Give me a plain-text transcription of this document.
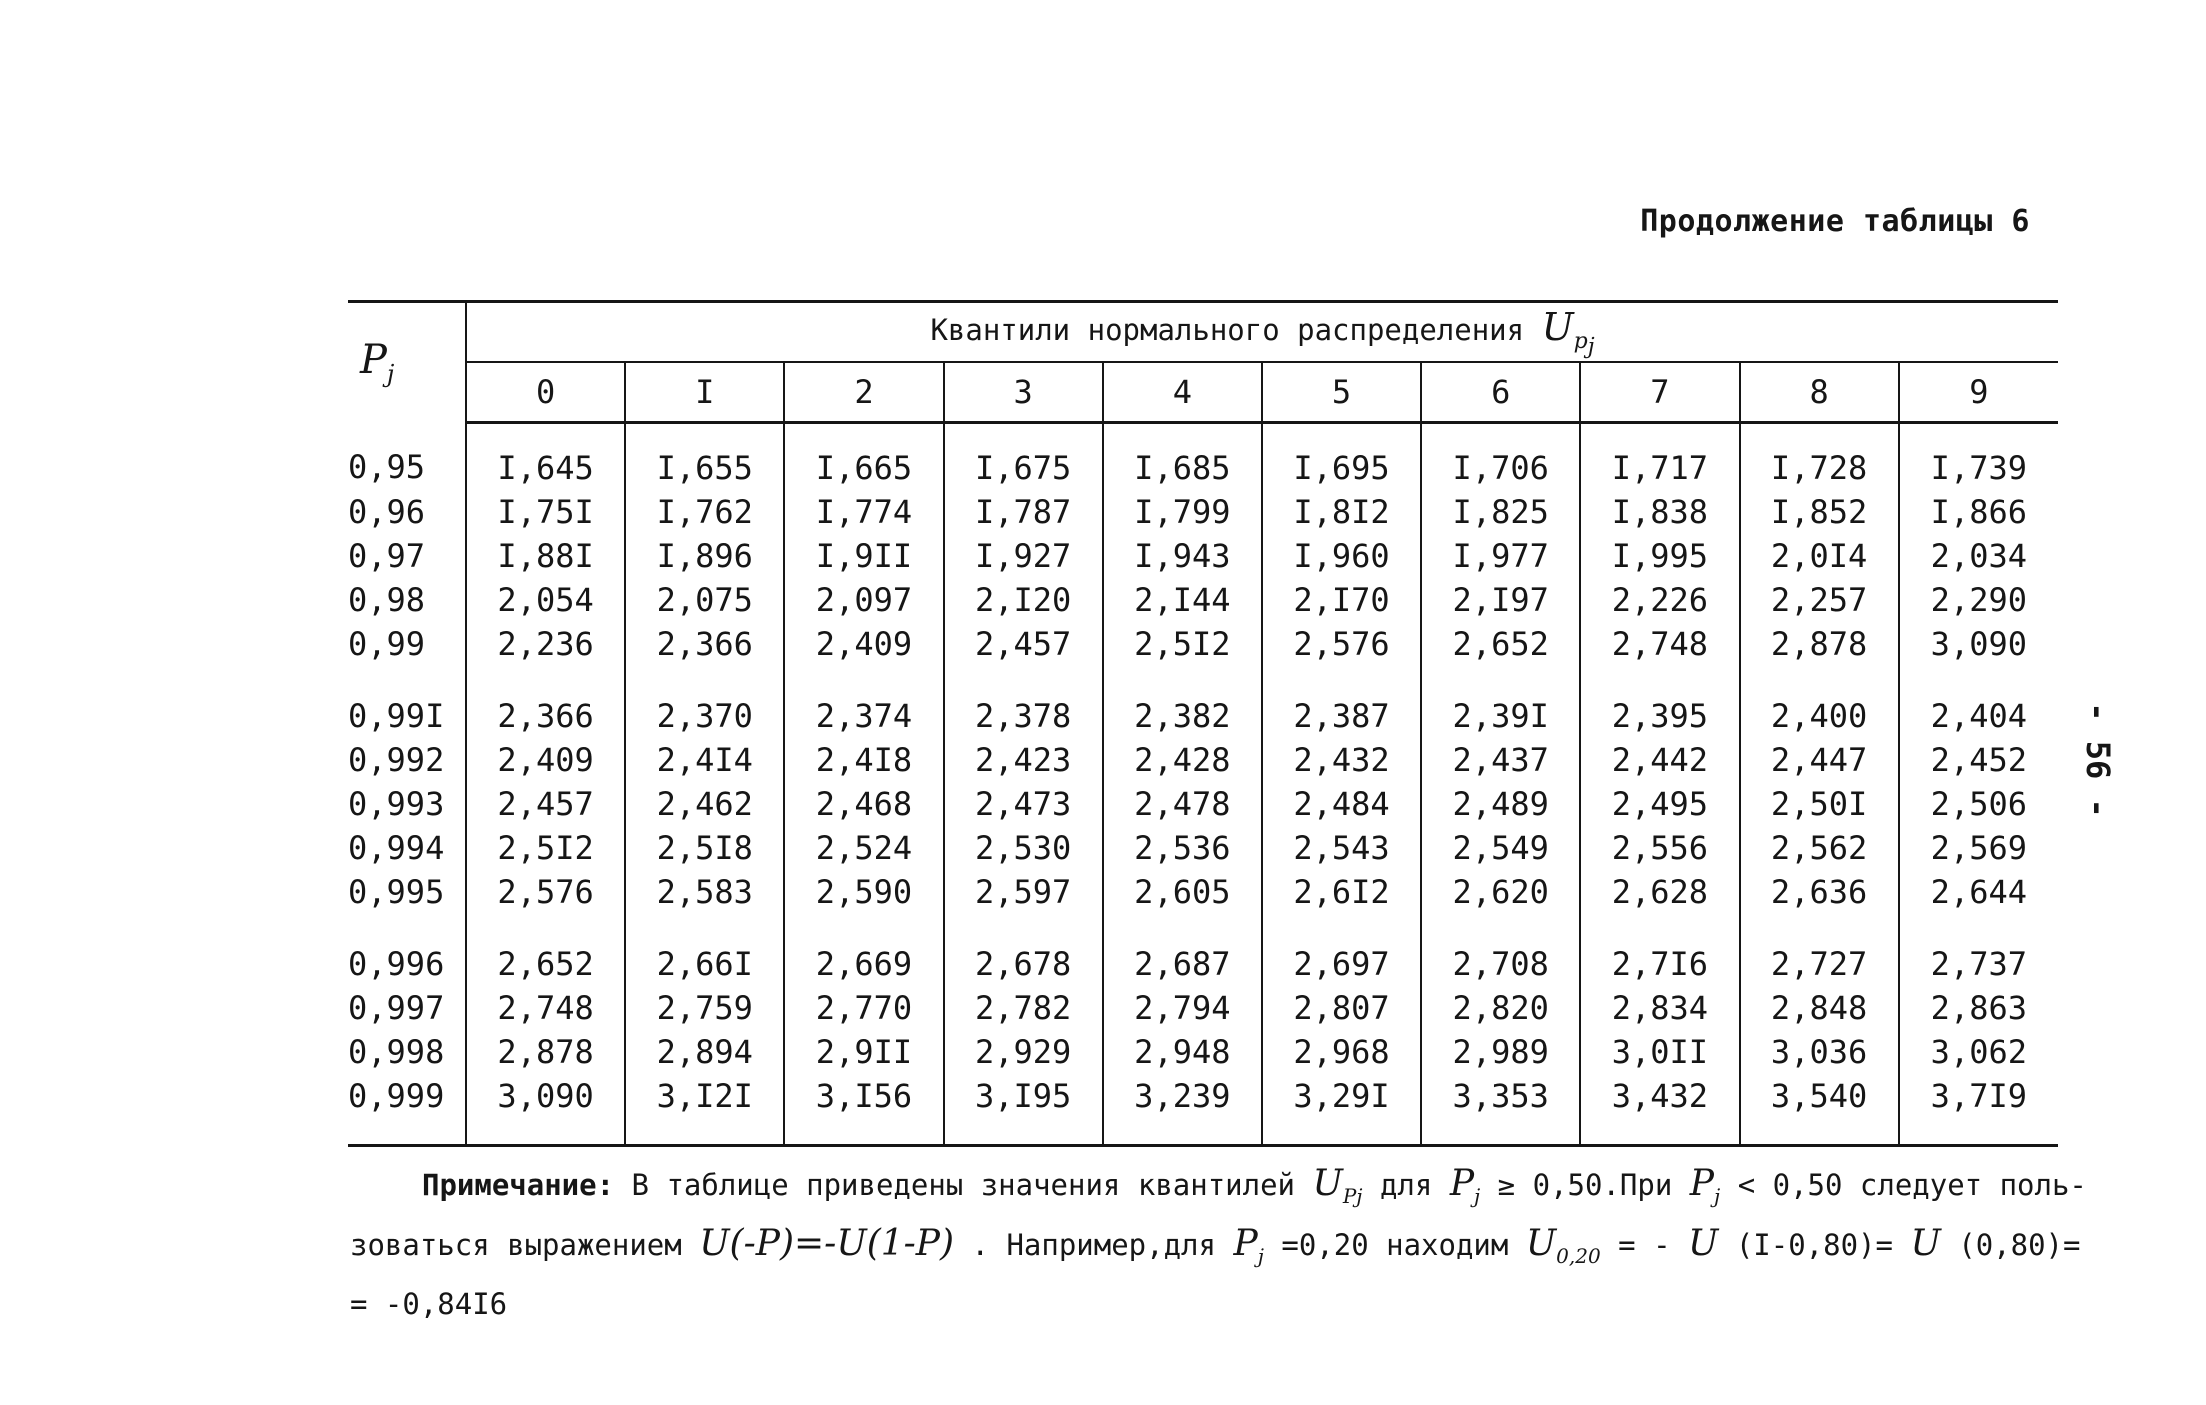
Продолжение таблицы 6
$P_j$	Квантили нормального распределения $U_{p_j}$
	0	I	2	3	4	5	6	7	8	9
0,95	I,645	I,655	I,665	I,675	I,685	I,695	I,706	I,717	I,728	I,739
0,96	I,75I	I,762	I,774	I,787	I,799	I,8I2	I,825	I,838	I,852	I,866
0,97	I,88I	I,896	I,9II	I,927	I,943	I,960	I,977	I,995	2,0I4	2,034
0,98	2,054	2,075	2,097	2,I20	2,I44	2,I70	2,I97	2,226	2,257	2,290
0,99	2,236	2,366	2,409	2,457	2,5I2	2,576	2,652	2,748	2,878	3,090
0,99I	2,366	2,370	2,374	2,378	2,382	2,387	2,39I	2,395	2,400	2,404
0,992	2,409	2,4I4	2,4I8	2,423	2,428	2,432	2,437	2,442	2,447	2,452
0,993	2,457	2,462	2,468	2,473	2,478	2,484	2,489	2,495	2,50I	2,506
0,994	2,5I2	2,5I8	2,524	2,530	2,536	2,543	2,549	2,556	2,562	2,569
0,995	2,576	2,583	2,590	2,597	2,605	2,6I2	2,620	2,628	2,636	2,644
0,996	2,652	2,66I	2,669	2,678	2,687	2,697	2,708	2,7I6	2,727	2,737
0,997	2,748	2,759	2,770	2,782	2,794	2,807	2,820	2,834	2,848	2,863
0,998	2,878	2,894	2,9II	2,929	2,948	2,968	2,989	3,0II	3,036	3,062
0,999	3,090	3,I2I	3,I56	3,I95	3,239	3,29I	3,353	3,432	3,540	3,7I9
- 56 -

Примечание: В таблице приведены значения квантилей $U_{Pj}$ для $P_j \ge 0,50.При$ $P_j < 0,50$ следует поль-

зоваться выражением U(-P)=-U(1-P) . Например,для $P_j =0,20$ находим $U_{0,20}$ = - U (I-0,80)= U (0,80)=

= -0,84I6
